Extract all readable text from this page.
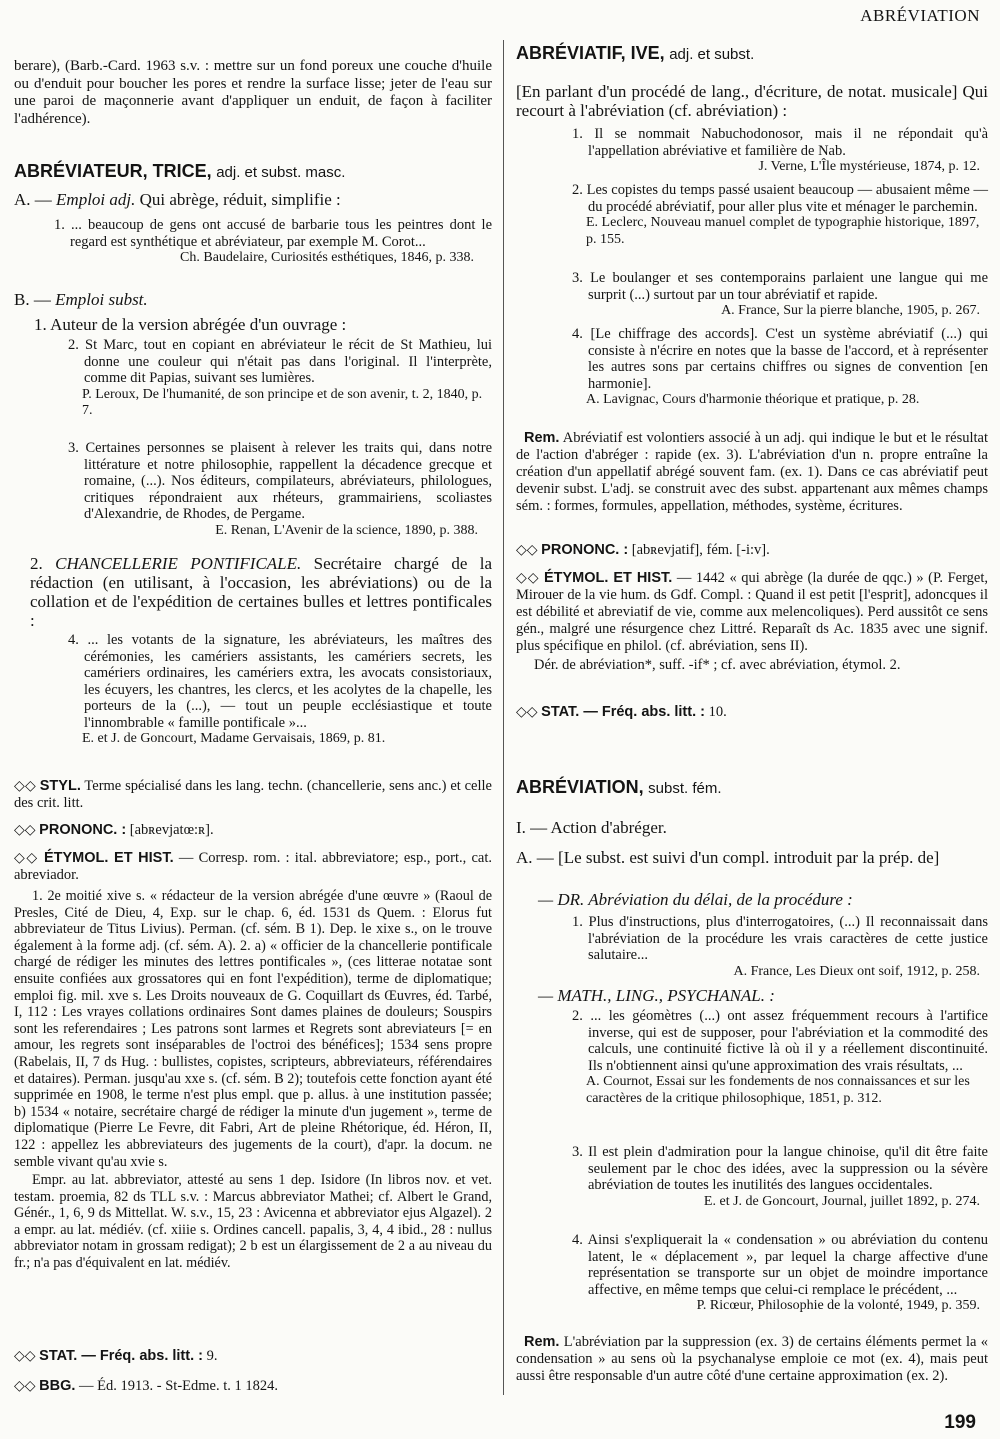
ABRÉVIATION

berare), (Barb.-Card. 1963 s.v. : mettre sur un fond poreux une couche d'huile ou d'enduit pour boucher les pores et rendre la surface lisse; jeter de l'eau sur une paroi de maçonnerie avant d'appliquer un enduit, de façon à faciliter l'adhérence).

ABRÉVIATEUR, TRICE, adj. et subst. masc.

A. — Emploi adj. Qui abrège, réduit, simplifie :

1. ... beaucoup de gens ont accusé de barbarie tous les peintres dont le regard est synthétique et abréviateur, par exemple M. Corot...

Ch. Baudelaire, Curiosités esthétiques, 1846, p. 338.

B. — Emploi subst.

1. Auteur de la version abrégée d'un ouvrage :

2. St Marc, tout en copiant en abréviateur le récit de St Mathieu, lui donne une couleur qui n'était pas dans l'original. Il l'interprète, comme dit Papias, suivant ses lumières.

P. Leroux, De l'humanité, de son principe et de son avenir, t. 2, 1840, p. 7.

3. Certaines personnes se plaisent à relever les traits qui, dans notre littérature et notre philosophie, rappellent la décadence grecque et romaine, (...). Nos éditeurs, compilateurs, abréviateurs, philologues, critiques répondraient aux rhéteurs, grammairiens, scoliastes d'Alexandrie, de Rhodes, de Pergame.

E. Renan, L'Avenir de la science, 1890, p. 388.

2. CHANCELLERIE PONTIFICALE. Secrétaire chargé de la rédaction (en utilisant, à l'occasion, les abréviations) ou de la collation et de l'expédition de certaines bulles et lettres pontificales :

4. ... les votants de la signature, les abréviateurs, les maîtres des cérémonies, les camériers assistants, les camériers secrets, les camériers ordinaires, les camériers extra, les avocats consistoriaux, les écuyers, les chantres, les clercs, et les acolytes de la chapelle, les porteurs de la (...), — tout un peuple ecclésiastique et toute l'innombrable « famille pontificale »...

E. et J. de Goncourt, Madame Gervaisais, 1869, p. 81.

◇◇ STYL. Terme spécialisé dans les lang. techn. (chancellerie, sens anc.) et celle des crit. litt.

◇◇ PRONONC. : [abʀevjatœ:ʀ].

◇◇ ÉTYMOL. ET HIST. — Corresp. rom. : ital. abbreviatore; esp., port., cat. abreviador.

1. 2e moitié xive s. « rédacteur de la version abrégée d'une œuvre » (Raoul de Presles, Cité de Dieu, 4, Exp. sur le chap. 6, éd. 1531 ds Quem. : Elorus fut abbreviateur de Titus Livius). Perman. (cf. sém. B 1). Dep. le xixe s., on le trouve également à la forme adj. (cf. sém. A). 2. a) « officier de la chancellerie pontificale chargé de rédiger les minutes des lettres pontificales », (ces litterae notatae sont ensuite confiées aux grossatores qui en font l'expédition), terme de diplomatique; emploi fig. mil. xve s. Les Droits nouveaux de G. Coquillart ds Œuvres, éd. Tarbé, I, 112 : Les vrayes collations ordinaires Sont dames plaines de douleurs; Souspirs sont les referendaires ; Les patrons sont larmes et Regrets sont abreviateurs [= en amour, les regrets sont inséparables de l'octroi des bénéfices]; 1534 sens propre (Rabelais, II, 7 ds Hug. : bullistes, copistes, scripteurs, abbreviateurs, référendaires et dataires). Perman. jusqu'au xxe s. (cf. sém. B 2); toutefois cette fonction ayant été supprimée en 1908, le terme n'est plus empl. que p. allus. à une institution passée; b) 1534 « notaire, secrétaire chargé de rédiger la minute d'un jugement », terme de diplomatique (Pierre Le Fevre, dit Fabri, Art de pleine Rhétorique, éd. Héron, II, 122 : appellez les abbreviateurs des jugements de la court), d'apr. la docum. ne semble vivant qu'au xvie s.

Empr. au lat. abbreviator, attesté au sens 1 dep. Isidore (In libros nov. et vet. testam. proemia, 82 ds TLL s.v. : Marcus abbreviator Mathei; cf. Albert le Grand, Génér., 1, 6, 9 ds Mittellat. W. s.v., 15, 23 : Avicenna et abbreviator ejus Algazel). 2 a empr. au lat. médiév. (cf. xiiie s. Ordines cancell. papalis, 3, 4, 4 ibid., 28 : nullus abbreviator notam in grossam redigat); 2 b est un élargissement de 2 a au niveau du fr.; n'a pas d'équivalent en lat. médiév.

◇◇ STAT. — Fréq. abs. litt. : 9.

◇◇ BBG. — Éd. 1913. - St-Edme. t. 1 1824.

ABRÉVIATIF, IVE, adj. et subst.

[En parlant d'un procédé de lang., d'écriture, de notat. musicale] Qui recourt à l'abréviation (cf. abréviation) :

1. Il se nommait Nabuchodonosor, mais il ne répondait qu'à l'appellation abréviative et familière de Nab.

J. Verne, L'Île mystérieuse, 1874, p. 12.

2. Les copistes du temps passé usaient beaucoup — abusaient même — du procédé abréviatif, pour aller plus vite et ménager le parchemin.

E. Leclerc, Nouveau manuel complet de typographie historique, 1897, p. 155.

3. Le boulanger et ses contemporains parlaient une langue qui me surprit (...) surtout par un tour abréviatif et rapide.

A. France, Sur la pierre blanche, 1905, p. 267.

4. [Le chiffrage des accords]. C'est un système abréviatif (...) qui consiste à n'écrire en notes que la basse de l'accord, et à représenter les autres sons par certains chiffres ou signes de convention [en harmonie].

A. Lavignac, Cours d'harmonie théorique et pratique, p. 28.

Rem. Abréviatif est volontiers associé à un adj. qui indique le but et le résultat de l'action d'abréger : rapide (ex. 3). L'abréviation d'un n. propre entraîne la création d'un appellatif abrégé souvent fam. (ex. 1). Dans ce cas abréviatif peut devenir subst. L'adj. se construit avec des subst. appartenant aux mêmes champs sém. : formes, formules, appellation, méthodes, système, écritures.

◇◇ PRONONC. : [abʀevjatif], fém. [-i:v].

◇◇ ÉTYMOL. ET HIST. — 1442 « qui abrège (la durée de qqc.) » (P. Ferget, Mirouer de la vie hum. ds Gdf. Compl. : Quand il est petit [l'esprit], adoncques il est débilité et abreviatif de vie, comme aux melencoliques). Perd aussitôt ce sens gén., malgré une résurgence chez Littré. Reparaît ds Ac. 1835 avec une signif. plus spécifique en philol. (cf. abréviation, sens II).

Dér. de abréviation*, suff. -if* ; cf. avec abréviation, étymol. 2.

◇◇ STAT. — Fréq. abs. litt. : 10.

ABRÉVIATION, subst. fém.

I. — Action d'abréger.

A. — [Le subst. est suivi d'un compl. introduit par la prép. de]

— DR. Abréviation du délai, de la procédure :

1. Plus d'instructions, plus d'interrogatoires, (...) Il reconnaissait dans l'abréviation de la procédure les vrais caractères de cette justice salutaire...

A. France, Les Dieux ont soif, 1912, p. 258.

— MATH., LING., PSYCHANAL. :

2. ... les géomètres (...) ont assez fréquemment recours à l'artifice inverse, qui est de supposer, pour l'abréviation et la commodité des calculs, une continuité fictive là où il y a réellement discontinuité. Ils n'obtiennent ainsi qu'une approximation des vrais résultats, ...

A. Cournot, Essai sur les fondements de nos connaissances et sur les caractères de la critique philosophique, 1851, p. 312.

3. Il est plein d'admiration pour la langue chinoise, qu'il dit être faite seulement par le choc des idées, avec la suppression ou la sévère abréviation de toutes les inutilités des langues occidentales.

E. et J. de Goncourt, Journal, juillet 1892, p. 274.

4. Ainsi s'expliquerait la « condensation » ou abréviation du contenu latent, le « déplacement », par lequel la charge affective d'une représentation se transporte sur un objet de moindre importance affective, en même temps que celui-ci remplace le précédent, ...

P. Ricœur, Philosophie de la volonté, 1949, p. 359.

Rem. L'abréviation par la suppression (ex. 3) de certains éléments permet la « condensation » au sens où la psychanalyse emploie ce mot (ex. 4), mais peut aussi être responsable d'un autre côté d'une certaine approximation (ex. 2).

199
